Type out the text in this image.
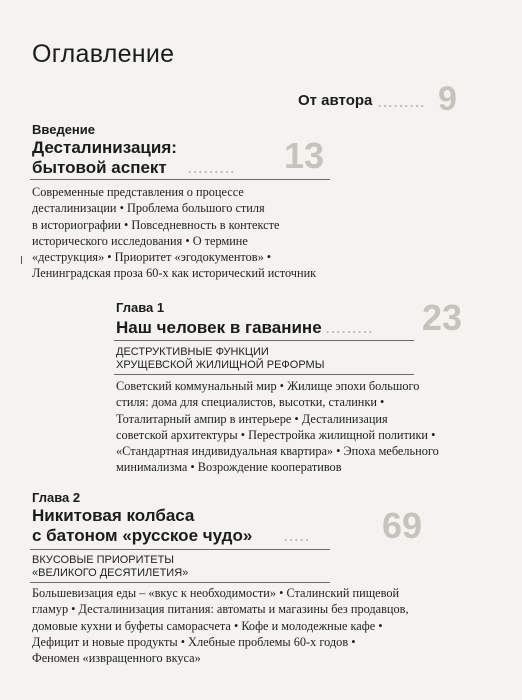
Оглавление
От автора ......... 9
Введение
Десталинизация:
бытовой аспект ......... 13

Современные представления о процессе

десталинизации • Проблема большого стиля

в историографии • Повседневность в контексте

исторического исследования • О термине

«деструкция» • Приоритет «эгодокументов» •

Ленинградская проза 60-х как исторический источник

Глава 1
Наш человек в гаванине ......... 23
ДЕСТРУКТИВНЫЕ ФУНКЦИИ
ХРУЩЕВСКОЙ ЖИЛИЩНОЙ РЕФОРМЫ

Советский коммунальный мир • Жилище эпохи большого

стиля: дома для специалистов, высотки, сталинки •

Тоталитарный ампир в интерьере • Десталинизация

советской архитектуры • Перестройка жилищной политики •

«Стандартная индивидуальная квартира» • Эпоха мебельного

минимализма • Возрождение кооперативов

Глава 2
Никитовая колбаса
с батоном «русское чудо»	..... 69
ВКУСОВЫЕ ПРИОРИТЕТЫ
«ВЕЛИКОГО ДЕСЯТИЛЕТИЯ»

Большевизация еды – «вкус к необходимости» • Сталинский пищевой

гламур • Десталинизация питания: автоматы и магазины без продавцов,

домовые кухни и буфеты саморасчета • Кофе и молодежные кафе •

Дефицит и новые продукты • Хлебные проблемы 60-х годов •

Феномен «извращенного вкуса»
